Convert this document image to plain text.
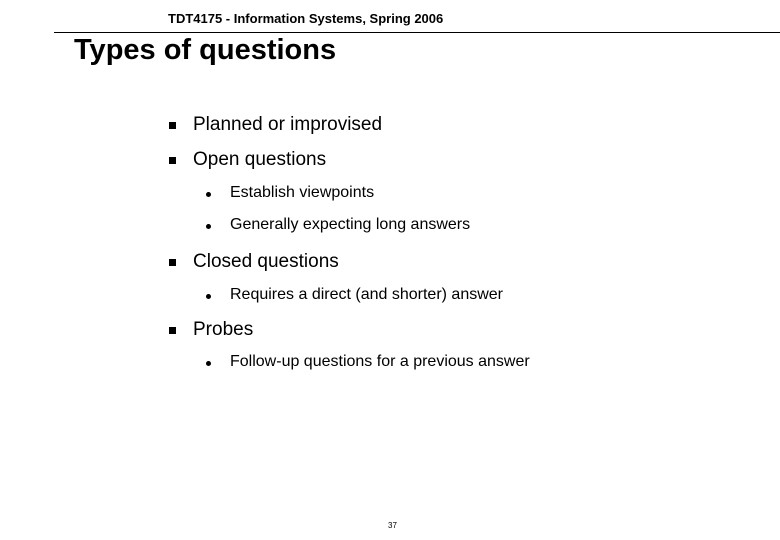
TDT4175 - Information Systems, Spring 2006
Types of questions
Planned or improvised
Open questions
Establish viewpoints
Generally expecting long answers
Closed questions
Requires a direct (and shorter) answer
Probes
Follow-up questions for a previous answer
37
